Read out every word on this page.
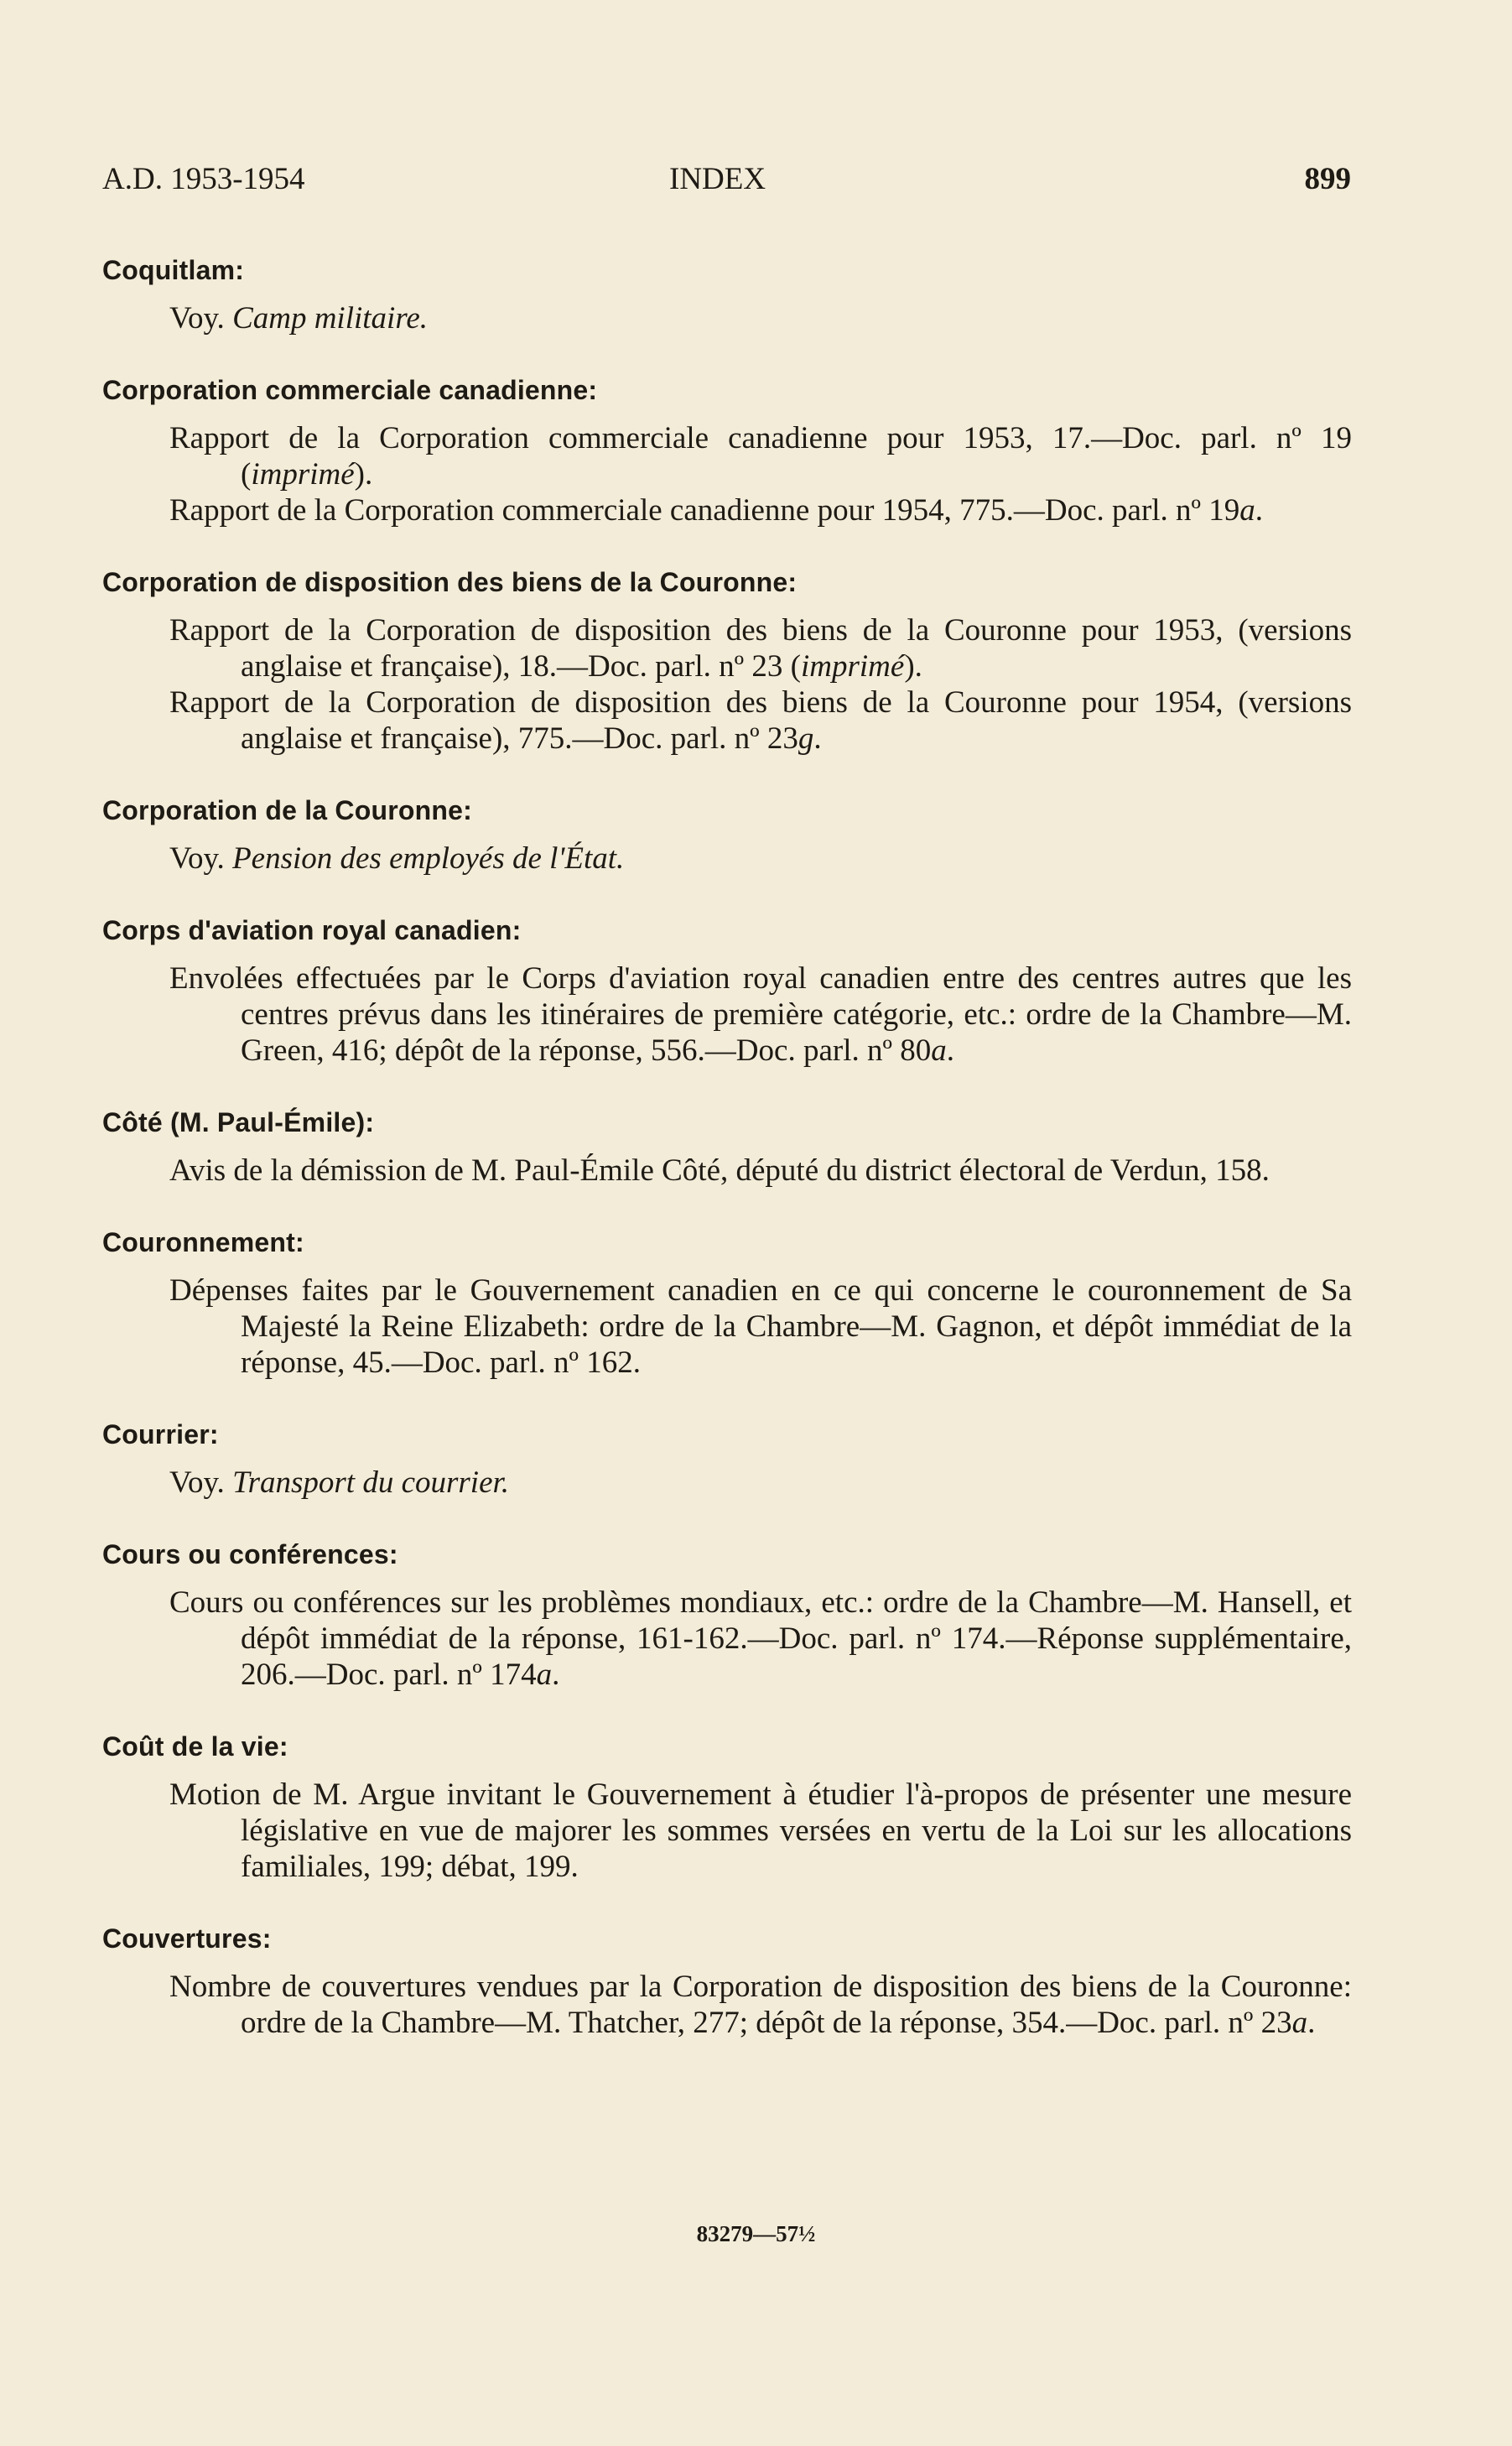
A.D. 1953-1954	INDEX	899
Coquitlam:
Voy. Camp militaire.
Corporation commerciale canadienne:
Rapport de la Corporation commerciale canadienne pour 1953, 17.—Doc. parl. nº 19 (imprimé).
Rapport de la Corporation commerciale canadienne pour 1954, 775.—Doc. parl. nº 19a.
Corporation de disposition des biens de la Couronne:
Rapport de la Corporation de disposition des biens de la Couronne pour 1953, (versions anglaise et française), 18.—Doc. parl. nº 23 (imprimé).
Rapport de la Corporation de disposition des biens de la Couronne pour 1954, (versions anglaise et française), 775.—Doc. parl. nº 23g.
Corporation de la Couronne:
Voy. Pension des employés de l'État.
Corps d'aviation royal canadien:
Envolées effectuées par le Corps d'aviation royal canadien entre des centres autres que les centres prévus dans les itinéraires de première catégorie, etc.: ordre de la Chambre—M. Green, 416; dépôt de la réponse, 556.—Doc. parl. nº 80a.
Côté (M. Paul-Émile):
Avis de la démission de M. Paul-Émile Côté, député du district électoral de Verdun, 158.
Couronnement:
Dépenses faites par le Gouvernement canadien en ce qui concerne le couronnement de Sa Majesté la Reine Elizabeth: ordre de la Chambre—M. Gagnon, et dépôt immédiat de la réponse, 45.—Doc. parl. nº 162.
Courrier:
Voy. Transport du courrier.
Cours ou conférences:
Cours ou conférences sur les problèmes mondiaux, etc.: ordre de la Chambre—M. Hansell, et dépôt immédiat de la réponse, 161-162.—Doc. parl. nº 174.—Réponse supplémentaire, 206.—Doc. parl. nº 174a.
Coût de la vie:
Motion de M. Argue invitant le Gouvernement à étudier l'à-propos de présenter une mesure législative en vue de majorer les sommes versées en vertu de la Loi sur les allocations familiales, 199; débat, 199.
Couvertures:
Nombre de couvertures vendues par la Corporation de disposition des biens de la Couronne: ordre de la Chambre—M. Thatcher, 277; dépôt de la réponse, 354.—Doc. parl. nº 23a.
83279—57½
